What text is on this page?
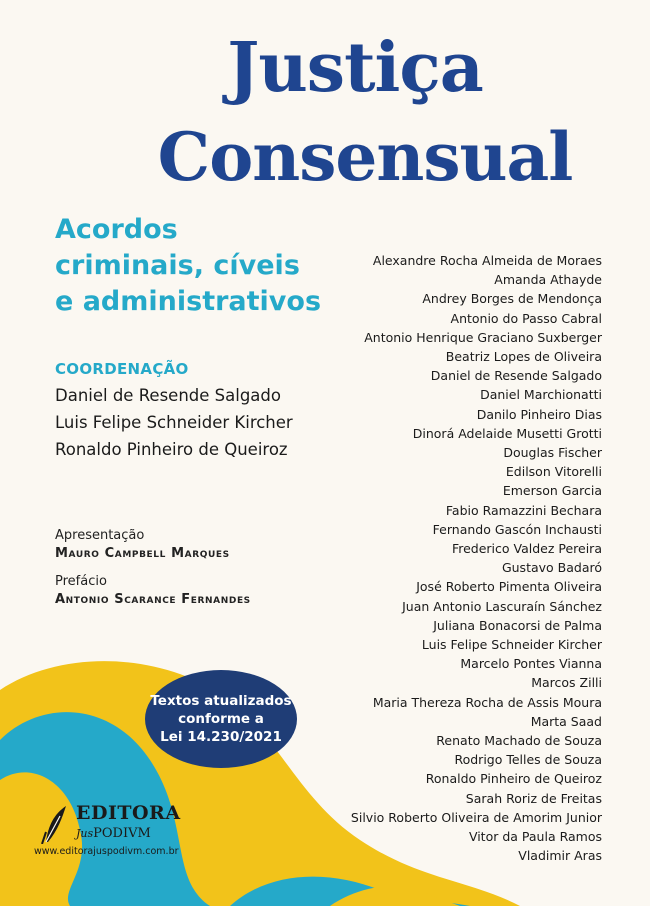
Justiça
Consensual
Acordos
criminais, cíveis
e administrativos
COORDENAÇÃO
Daniel de Resende Salgado
Luis Felipe Schneider Kircher
Ronaldo Pinheiro de Queiroz
Apresentação
Mauro Campbell Marques
Prefácio
Antonio Scarance Fernandes
Alexandre Rocha Almeida de Moraes
Amanda Athayde
Andrey Borges de Mendonça
Antonio do Passo Cabral
Antonio Henrique Graciano Suxberger
Beatriz Lopes de Oliveira
Daniel de Resende Salgado
Daniel Marchionatti
Danilo Pinheiro Dias
Dinorá Adelaide Musetti Grotti
Douglas Fischer
Edilson Vitorelli
Emerson Garcia
Fabio Ramazzini Bechara
Fernando Gascón Inchausti
Frederico Valdez Pereira
Gustavo Badaró
José Roberto Pimenta Oliveira
Juan Antonio Lascuraín Sánchez
Juliana Bonacorsi de Palma
Luis Felipe Schneider Kircher
Marcelo Pontes Vianna
Marcos Zilli
Maria Thereza Rocha de Assis Moura
Marta Saad
Renato Machado de Souza
Rodrigo Telles de Souza
Ronaldo Pinheiro de Queiroz
Sarah Roriz de Freitas
Silvio Roberto Oliveira de Amorim Junior
Vitor da Paula Ramos
Vladimir Aras
Textos atualizados
conforme a
Lei 14.230/2021
EDITORA
JusPODIVM
www.editorajuspodivm.com.br
